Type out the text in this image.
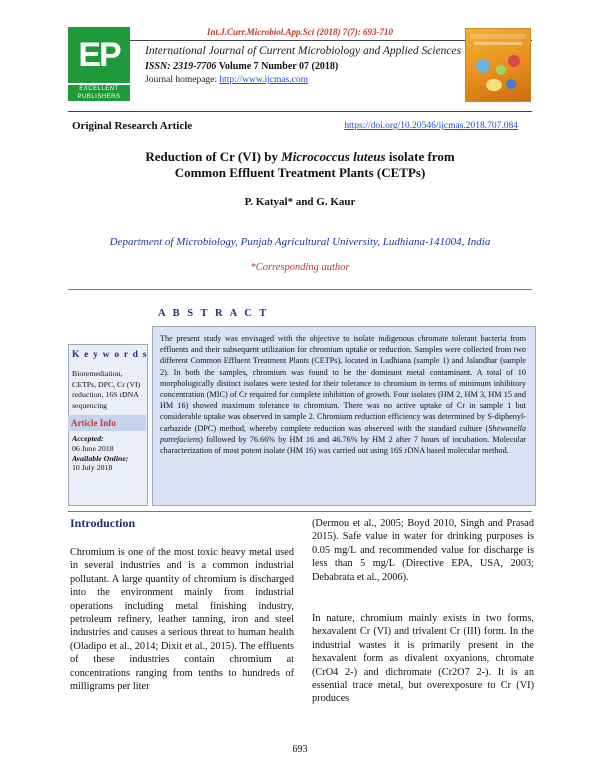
Int.J.Curr.Microbiol.App.Sci (2018) 7(7): 693-710
EP
EXCELLENT PUBLISHERS
International Journal of Current Microbiology and Applied Sciences
ISSN: 2319-7706 Volume 7 Number 07 (2018)
Journal homepage: http://www.ijcmas.com
Original Research Article	https://doi.org/10.20546/ijcmas.2018.707.084
Reduction of Cr (VI) by Micrococcus luteus isolate from
Common Effluent Treatment Plants (CETPs)
P. Katyal* and G. Kaur
Department of Microbiology, Punjab Agricultural University, Ludhiana-141004, India
*Corresponding author
A B S T R A C T
The present study was envisaged with the objective to isolate indigenous chromate tolerant bacteria from effluents and their subsequent utilization for chromium uptake or reduction. Samples were collected from two different Common Effluent Treatment Plants (CETPs), located in Ludhiana (sample 1) and Jalandhar (sample 2). In both the samples, chromium was found to be the dominant metal contaminant. A total of 10 morphologically distinct isolates were tested for their tolerance to chromium in terms of minimum inhibitory concentration (MIC) of Cr required for complete inhibition of growth. Four isolates (HM 2, HM 3, HM 15 and HM 16) showed maximum tolerance to chromium. There was no active uptake of Cr in sample 1 but considerable uptake was observed in sample 2. Chromium reduction efficiency was determined by S-diphenyl-carbazide (DPC) method, whereby complete reduction was observed with the standard culture (Shewanella putrefaciens) followed by 76.66% by HM 16 and 46.76% by HM 2 after 7 hours of incubation. Molecular characterization of most potent isolate (HM 16) was carried out using 16S rDNA based molecular method.
K e y w o r d s
Bioremediation, CETPs, DPC, Cr (VI) reduction, 16S rDNA sequencing
Article Info
Accepted:
06 June 2018
Available Online:
10 July 2018
Introduction

Chromium is one of the most toxic heavy metal used in several industries and is a common industrial pollutant. A large quantity of chromium is discharged into the environment mainly from industrial operations including metal finishing industry, petroleum refinery, leather tanning, iron and steel industries and causes a serious threat to human health (Oladipo et al., 2014; Dixit et al., 2015). The effluents of these industries contain chromium at concentrations ranging from tenths to hundreds of milligrams per liter

(Dermou et al., 2005; Boyd 2010, Singh and Prasad 2015). Safe value in water for drinking purposes is 0.05 mg/L and recommended value for discharge is less than 5 mg/L (Directive EPA, USA, 2003; Debabrata et al., 2006).

In nature, chromium mainly exists in two forms, hexavalent Cr (VI) and trivalent Cr (III) form. In the industrial wastes it is primarily present in the hexavalent form as divalent oxyanions, chromate (CrO4 2-) and dichromate (Cr2O7 2-). It is an essential trace metal, but overexposure to Cr (VI) produces

693
